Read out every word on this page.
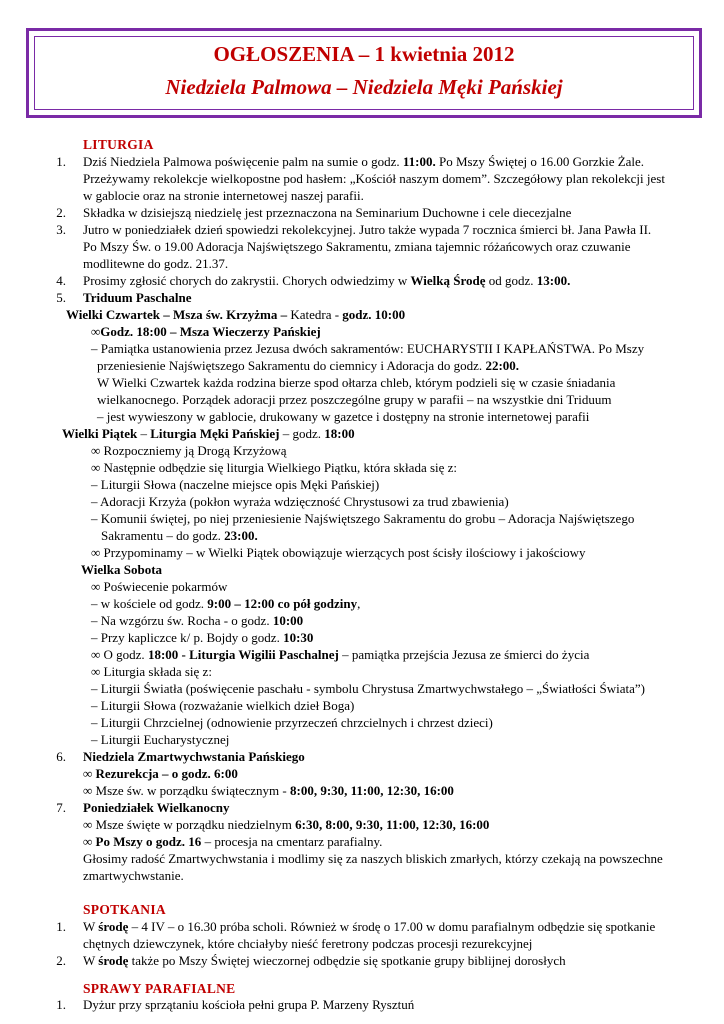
OGŁOSZENIA – 1 kwietnia 2012
Niedziela Palmowa – Niedziela Męki Pańskiej
LITURGIA
1. Dziś Niedziela Palmowa poświęcenie palm na sumie o godz. 11:00. Po Mszy Świętej o 16.00 Gorzkie Żale.
Przeżywamy rekolekcje wielkopostne pod hasłem: „Kościół naszym domem”. Szczegółowy plan rekolekcji jest
w gablocie oraz na stronie internetowej naszej parafii.
2. Składka w dzisiejszą niedzielę jest przeznaczona na Seminarium Duchowne i cele diecezjalne
3. Jutro w poniedziałek dzień spowiedzi rekolekcyjnej. Jutro także wypada 7 rocznica śmierci bł. Jana Pawła II.
Po Mszy Św. o 19.00 Adoracja Najświętszego Sakramentu, zmiana tajemnic różańcowych oraz czuwanie
modlitewne do godz. 21.37.
4. Prosimy zgłosić chorych do zakrystii. Chorych odwiedzimy w Wielką Środę od godz. 13:00.
5. Triduum Paschalne
Wielki Czwartek – Msza św. Krzyżma – Katedra - godz. 10:00
∞Godz. 18:00 – Msza Wieczerzy Pańskiej
– Pamiątka ustanowienia przez Jezusa dwóch sakramentów: EUCHARYSTII I KAPŁAŃSTWA. Po Mszy
przeniesienie Najświętszego Sakramentu do ciemnicy i Adoracja do godz. 22:00.
W Wielki Czwartek każda rodzina bierze spod ołtarza chleb, którym podzieli się w czasie śniadania
wielkanocnego. Porządek adoracji przez poszczególne grupy w parafii – na wszystkie dni Triduum
– jest wywieszony w gablocie, drukowany w gazetce i dostępny na stronie internetowej parafii
Wielki Piątek – Liturgia Męki Pańskiej – godz. 18:00
∞ Rozpoczniemy ją Drogą Krzyżową
∞ Następnie odbędzie się liturgia Wielkiego Piątku, która składa się z:
– Liturgii Słowa (naczelne miejsce opis Męki Pańskiej)
– Adoracji Krzyża (pokłon wyraża wdzięczność Chrystusowi za trud zbawienia)
– Komunii świętej, po niej przeniesienie Najświętszego Sakramentu do grobu – Adoracja Najświętszego
Sakramentu – do godz. 23:00.
∞ Przypominamy – w Wielki Piątek obowiązuje wierzących post ścisły ilościowy i jakościowy
Wielka Sobota
∞ Poświecenie pokarmów
– w kościele od godz. 9:00 – 12:00 co pół godziny,
– Na wzgórzu św. Rocha - o godz. 10:00
– Przy kapliczce k/ p. Bojdy o godz. 10:30
∞ O godz. 18:00 - Liturgia Wigilii Paschalnej – pamiątka przejścia Jezusa ze śmierci do życia
∞ Liturgia składa się z:
– Liturgii Światła (poświęcenie paschału - symbolu Chrystusa Zmartwychwstałego – „Światłości Świata”)
– Liturgii Słowa (rozważanie wielkich dzieł Boga)
– Liturgii Chrzcielnej (odnowienie przyrzeczeń chrzcielnych i chrzest dzieci)
– Liturgii Eucharystycznej
6. Niedziela Zmartwychwstania Pańskiego
∞ Rezurekcja – o godz. 6:00
∞ Msze św. w porządku świątecznym - 8:00, 9:30, 11:00, 12:30, 16:00
7. Poniedziałek Wielkanocny
∞ Msze święte w porządku niedzielnym 6:30, 8:00, 9:30, 11:00, 12:30, 16:00
∞ Po Mszy o godz. 16 – procesja na cmentarz parafialny.
Głosimy radość Zmartwychwstania i modlimy się za naszych bliskich zmarłych, którzy czekają na powszechne
zmartwychwstanie.
SPOTKANIA
1. W środę – 4 IV – o 16.30 próba scholi. Również w środę o 17.00 w domu parafialnym odbędzie się spotkanie
chętnych dziewczynek, które chciałyby nieść feretrony podczas procesji rezurekcyjnej
2. W środę także po Mszy Świętej wieczornej odbędzie się spotkanie grupy biblijnej dorosłych
SPRAWY PARAFIALNE
1. Dyżur przy sprzątaniu kościoła pełni grupa P. Marzeny Rysztuń
